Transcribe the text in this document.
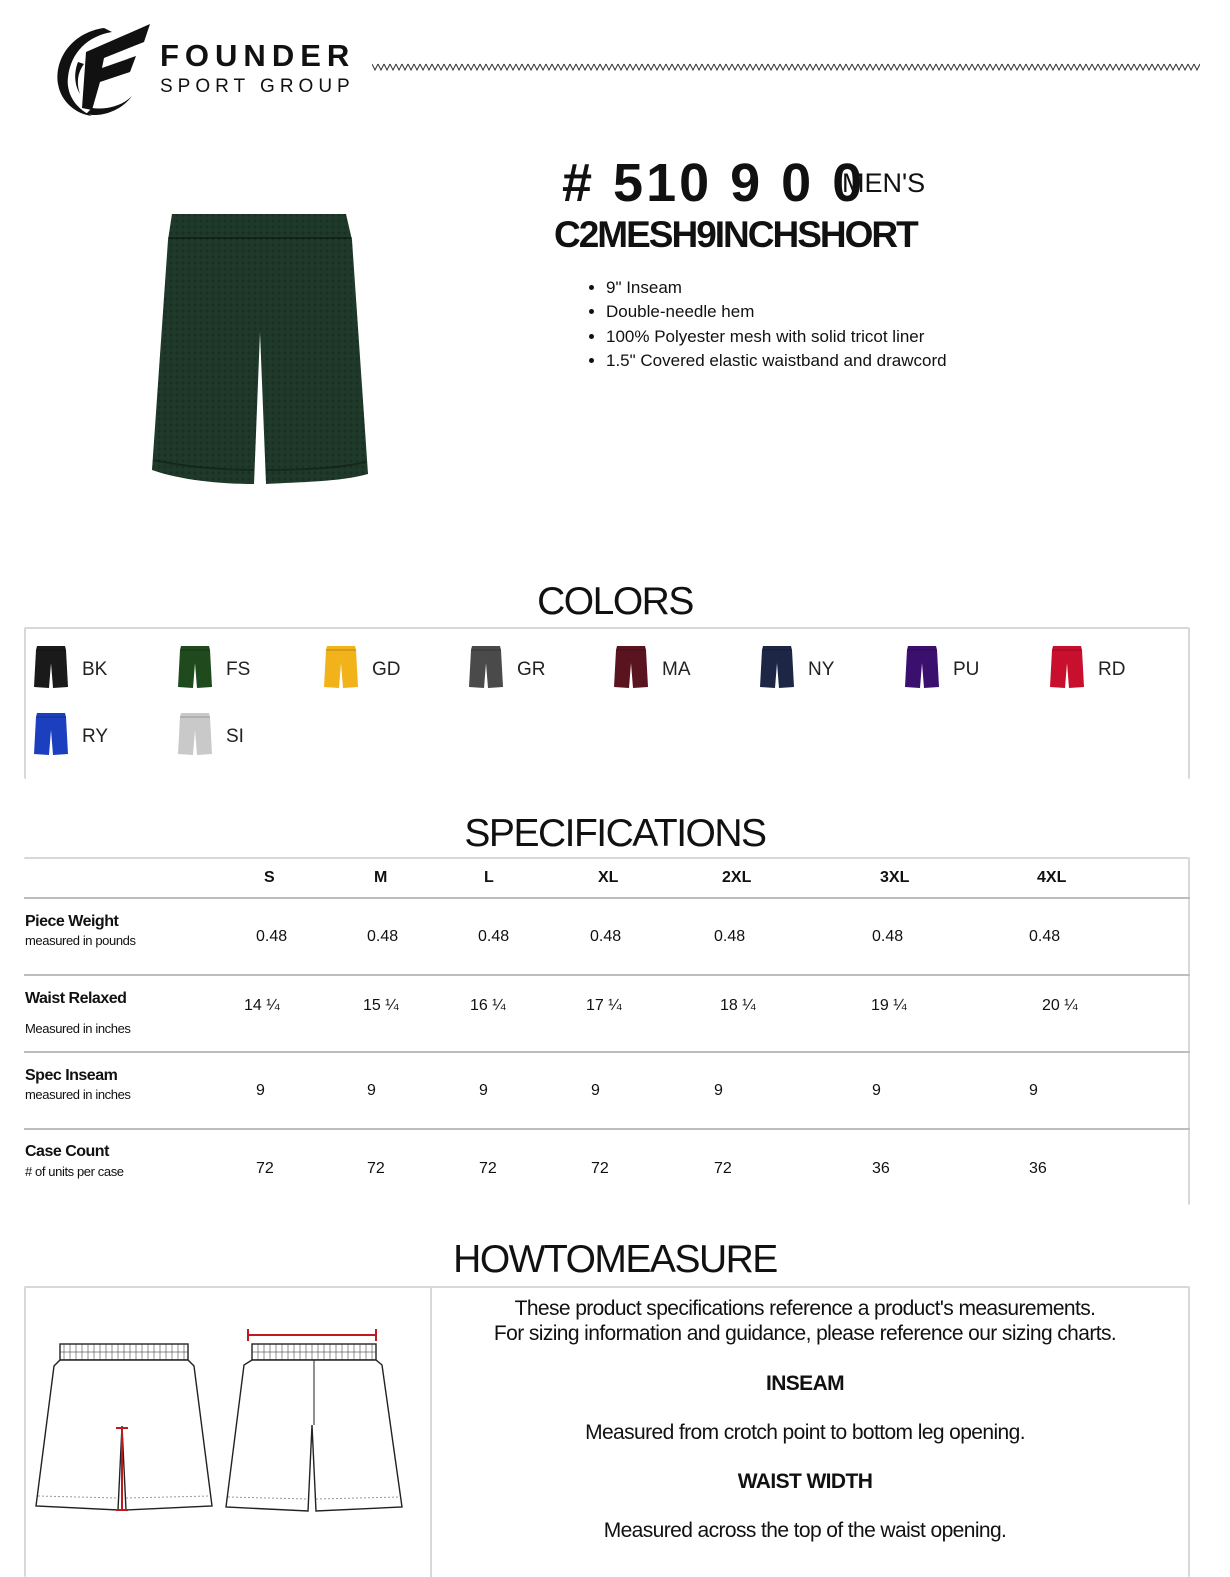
FOUNDER
SPORT GROUP
# 510 9 0 0
MEN'S
C2MESH9INCHSHORT
• 9" Inseam
• Double-needle hem
• 100% Polyester mesh with solid tricot liner
• 1.5" Covered elastic waistband and drawcord
COLORS
BK	FS	GD	GR	MA	NY	PU	RD
RY	SI
SPECIFICATIONS
S	M	L	XL	2XL	3XL	4XL
Piece Weight
measured in pounds	0.48	0.48	0.48	0.48	0.48	0.48	0.48
Waist Relaxed
Measured in inches
14 ¼	15 ¼	16 ¼	17 ¼	18 ¼	19 ¼	20 ¼
Spec Inseam
measured in inches	9	9	9	9	9	9	9
Case Count
# of units per case	72	72	72	72	72	36	36
HOWTOMEASURE
These product specifications reference a product's measurements.
For sizing information and guidance, please reference our sizing charts.
INSEAM
Measured from crotch point to bottom leg opening.
WAIST WIDTH
Measured across the top of the waist opening.
